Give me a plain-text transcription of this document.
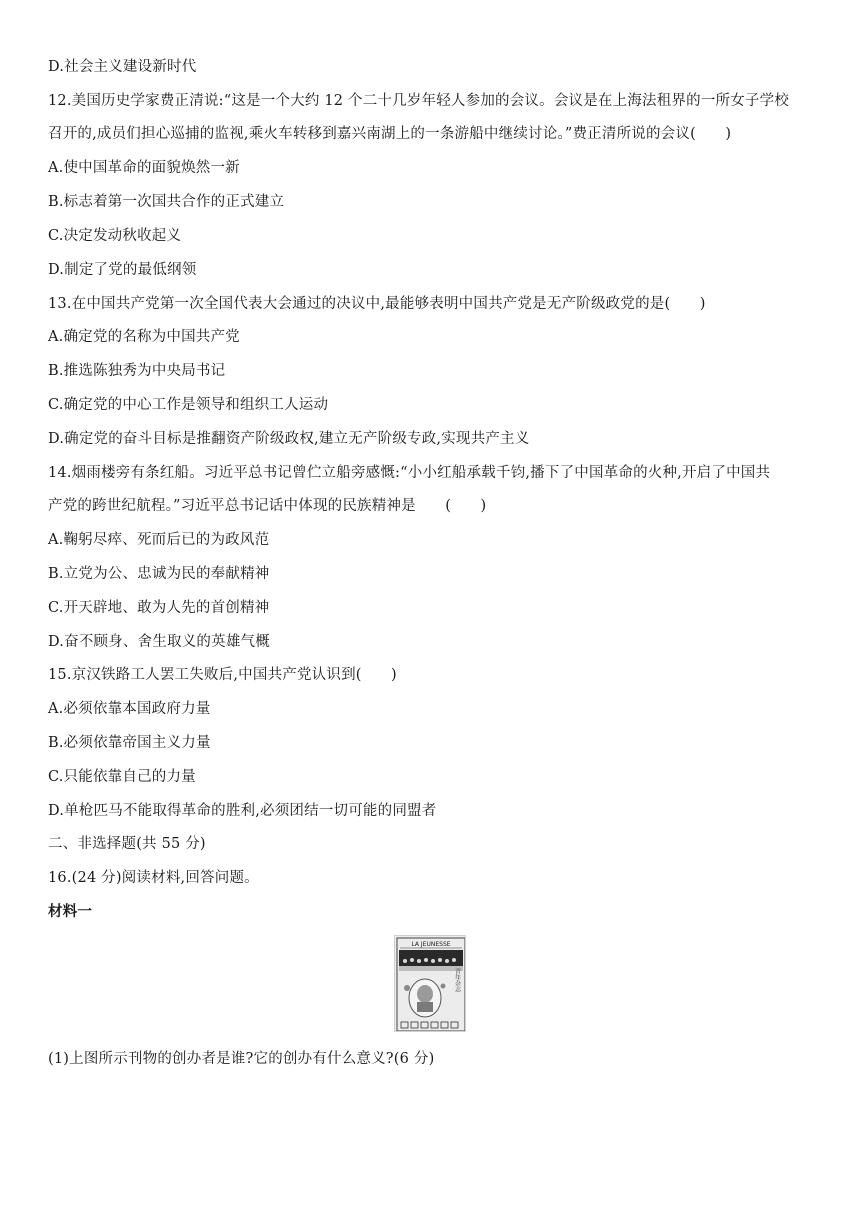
D.社会主义建设新时代
12.美国历史学家费正清说:“这是一个大约 12 个二十几岁年轻人参加的会议。会议是在上海法租界的一所女子学校
召开的,成员们担心巡捕的监视,乘火车转移到嘉兴南湖上的一条游船中继续讨论。”费正清所说的会议(　　)
A.使中国革命的面貌焕然一新
B.标志着第一次国共合作的正式建立
C.决定发动秋收起义
D.制定了党的最低纲领
13.在中国共产党第一次全国代表大会通过的决议中,最能够表明中国共产党是无产阶级政党的是(　　)
A.确定党的名称为中国共产党
B.推选陈独秀为中央局书记
C.确定党的中心工作是领导和组织工人运动
D.确定党的奋斗目标是推翻资产阶级政权,建立无产阶级专政,实现共产主义
14.烟雨楼旁有条红船。习近平总书记曾伫立船旁感慨:“小小红船承载千钧,播下了中国革命的火种,开启了中国共
产党的跨世纪航程。”习近平总书记话中体现的民族精神是　　(　　)
A.鞠躬尽瘁、死而后已的为政风范
B.立党为公、忠诚为民的奉献精神
C.开天辟地、敢为人先的首创精神
D.奋不顾身、舍生取义的英雄气概
15.京汉铁路工人罢工失败后,中国共产党认识到(　　)
A.必须依靠本国政府力量
B.必须依靠帝国主义力量
C.只能依靠自己的力量
D.单枪匹马不能取得革命的胜利,必须团结一切可能的同盟者
二、非选择题(共 55 分)
16.(24 分)阅读材料,回答问题。
材料一
LA JEUNESSE
青年杂志
(1)上图所示刊物的创办者是谁?它的创办有什么意义?(6 分)
